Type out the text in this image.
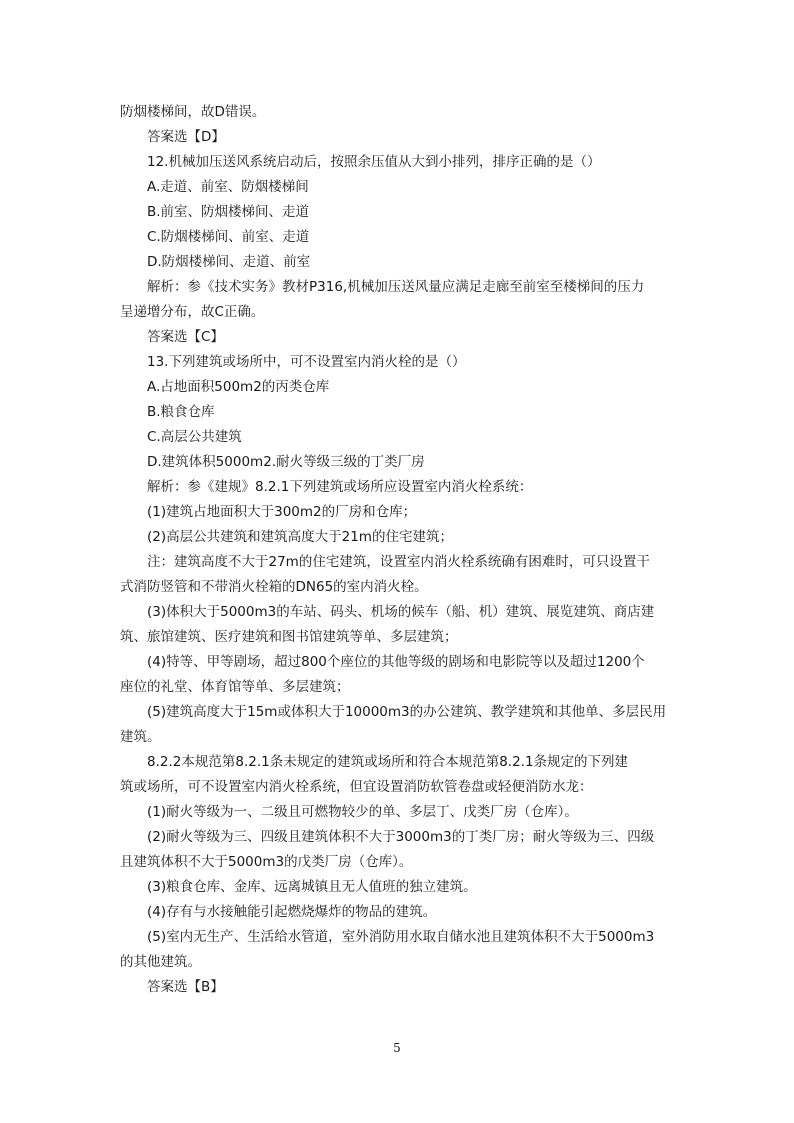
防烟楼梯间，故D错误。
答案选【D】
12.机械加压送风系统启动后，按照余压值从大到小排列，排序正确的是（）
A.走道、前室、防烟楼梯间
B.前室、防烟楼梯间、走道
C.防烟楼梯间、前室、走道
D.防烟楼梯间、走道、前室
解析：参《技术实务》教材P316,机械加压送风量应满足走廊至前室至楼梯间的压力
呈递增分布，故C正确。
答案选【C】
13.下列建筑或场所中，可不设置室内消火栓的是（）
A.占地面积500m2的丙类仓库
B.粮食仓库
C.高层公共建筑
D.建筑体积5000m2.耐火等级三级的丁类厂房
解析：参《建规》8.2.1下列建筑或场所应设置室内消火栓系统：
(1)建筑占地面积大于300m2的厂房和仓库；
(2)高层公共建筑和建筑高度大于21m的住宅建筑；
注：建筑高度不大于27m的住宅建筑，设置室内消火栓系统确有困难时，可只设置干
式消防竖管和不带消火栓箱的DN65的室内消火栓。
(3)体积大于5000m3的车站、码头、机场的候车（船、机）建筑、展览建筑、商店建
筑、旅馆建筑、医疗建筑和图书馆建筑等单、多层建筑；
(4)特等、甲等剧场，超过800个座位的其他等级的剧场和电影院等以及超过1200个
座位的礼堂、体育馆等单、多层建筑；
(5)建筑高度大于15m或体积大于10000m3的办公建筑、教学建筑和其他单、多层民用
建筑。
8.2.2本规范第8.2.1条未规定的建筑或场所和符合本规范第8.2.1条规定的下列建
筑或场所，可不设置室内消火栓系统，但宜设置消防软管卷盘或轻便消防水龙：
(1)耐火等级为一、二级且可燃物较少的单、多层丁、戊类厂房（仓库）。
(2)耐火等级为三、四级且建筑体积不大于3000m3的丁类厂房；耐火等级为三、四级
且建筑体积不大于5000m3的戊类厂房（仓库）。
(3)粮食仓库、金库、远离城镇且无人值班的独立建筑。
(4)存有与水接触能引起燃烧爆炸的物品的建筑。
(5)室内无生产、生活给水管道，室外消防用水取自储水池且建筑体积不大于5000m3
的其他建筑。
答案选【B】
5
